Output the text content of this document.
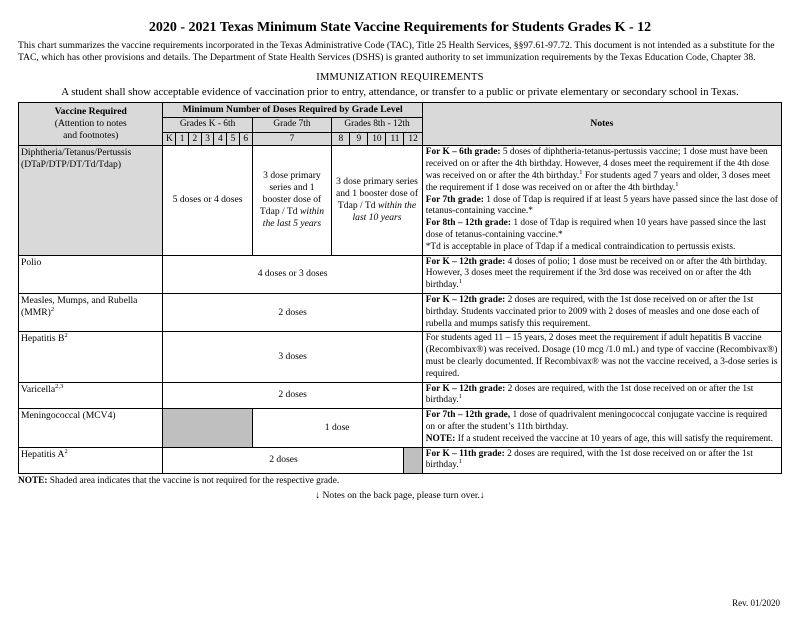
2020 - 2021 Texas Minimum State Vaccine Requirements for Students Grades K - 12

This chart summarizes the vaccine requirements incorporated in the Texas Administrative Code (TAC), Title 25 Health Services, §§97.61-97.72. This document is not intended as a substitute for the TAC, which has other provisions and details. The Department of State Health Services (DSHS) is granted authority to set immunization requirements by the Texas Education Code, Chapter 38.

IMMUNIZATION REQUIREMENTS

A student shall show acceptable evidence of vaccination prior to entry, attendance, or transfer to a public or private elementary or secondary school in Texas.

Vaccine Required
(Attention to notes
and footnotes)	Minimum Number of Doses Required by Grade Level													Notes
	Grades K - 6th							Grade 7th	Grades 8th - 12th					
	K	1	2	3	4	5	6	7	8	9	10	11	12	
Diphtheria/Tetanus/Pertussis (DTaP/DTP/DT/Td/Tdap)	5 doses or 4 doses							3 dose primary series and 1 booster dose of Tdap / Td within the last 5 years	3 dose primary series and 1 booster dose of Tdap / Td within the last 10 years					For K – 6th grade: 5 doses of diphtheria-tetanus-pertussis vaccine; 1 dose must have been received on or after the 4th birthday. However, 4 doses meet the requirement if the 4th dose was received on or after the 4th birthday.$^1$ For students aged 7 years and older, 3 doses meet the requirement if 1 dose was received on or after the 4th birthday.$^1$

For 7th grade: 1 dose of Tdap is required if at least 5 years have passed since the last dose of tetanus-containing vaccine.*

For 8th – 12th grade: 1 dose of Tdap is required when 10 years have passed since the last dose of tetanus-containing vaccine.*

*Td is acceptable in place of Tdap if a medical contraindication to pertussis exists.

Polio	4 doses or 3 doses													For K – 12th grade: 4 doses of polio; 1 dose must be received on or after the 4th birthday. However, 3 doses meet the requirement if the 3rd dose was received on or after the 4th birthday.$^1$

Measles, Mumps, and Rubella (MMR)$^2$	2 doses													For K – 12th grade: 2 doses are required, with the 1st dose received on or after the 1st birthday. Students vaccinated prior to 2009 with 2 doses of measles and one dose each of rubella and mumps satisfy this requirement.

Hepatitis $B^2$	3 doses													For students aged 11 – 15 years, 2 doses meet the requirement if adult hepatitis B vaccine (Recombivax®) was received. Dosage (10 mcg /1.0 mL) and type of vaccine (Recombivax®) must be clearly documented. If Recombivax® was not the vaccine received, a 3-dose series is required.

Varicella$^{2,3}$	2 doses													For K – 12th grade: 2 doses are required, with the 1st dose received on or after the 1st birthday.$^1$

Meningococcal (MCV4)								1 dose						For 7th – 12th grade, 1 dose of quadrivalent meningococcal conjugate vaccine is required on or after the student’s 11th birthday.

NOTE: If a student received the vaccine at 10 years of age, this will satisfy the requirement.

Hepatitis $A^2$	2 doses													For K – 11th grade: 2 doses are required, with the 1st dose received on or after the 1st birthday.$^1$

NOTE: Shaded area indicates that the vaccine is not required for the respective grade.

↓ Notes on the back page, please turn over.↓

Rev. 01/2020
